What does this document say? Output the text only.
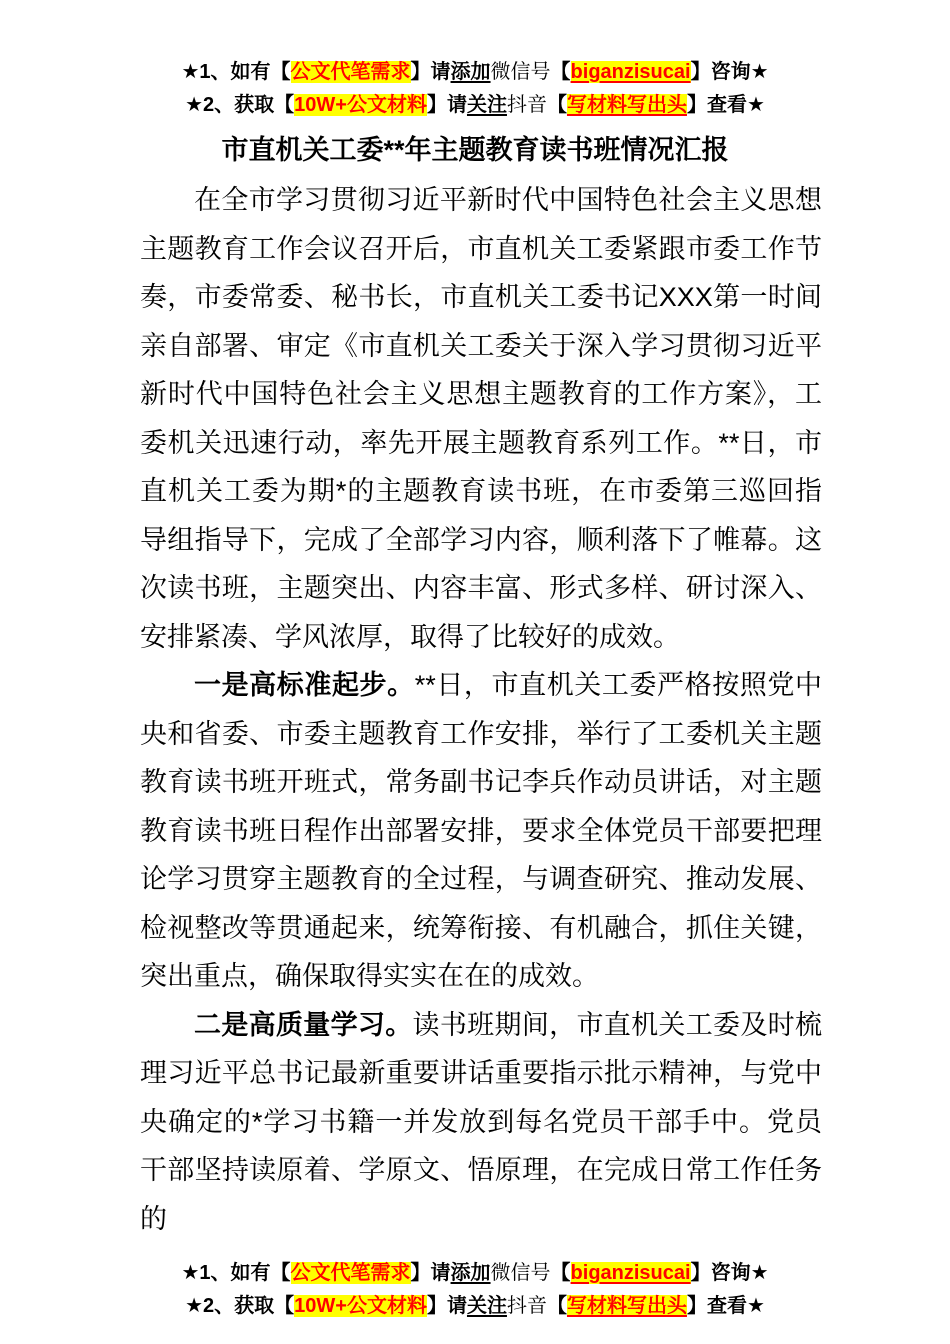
★1、如有【公文代笔需求】请添加微信号【biganzisucai】咨询★
★2、获取【10W+公文材料】请关注抖音【写材料写出头】查看★
市直机关工委**年主题教育读书班情况汇报

在全市学习贯彻习近平新时代中国特色社会主义思想主题教育工作会议召开后，市直机关工委紧跟市委工作节奏，市委常委、秘书长，市直机关工委书记XXX第一时间亲自部署、审定《市直机关工委关于深入学习贯彻习近平新时代中国特色社会主义思想主题教育的工作方案》，工委机关迅速行动，率先开展主题教育系列工作。**日，市直机关工委为期*的主题教育读书班，在市委第三巡回指导组指导下，完成了全部学习内容，顺利落下了帷幕。这次读书班，主题突出、内容丰富、形式多样、研讨深入、安排紧凑、学风浓厚，取得了比较好的成效。

一是高标准起步。**日，市直机关工委严格按照党中央和省委、市委主题教育工作安排，举行了工委机关主题教育读书班开班式，常务副书记李兵作动员讲话，对主题教育读书班日程作出部署安排，要求全体党员干部要把理论学习贯穿主题教育的全过程，与调查研究、推动发展、检视整改等贯通起来，统筹衔接、有机融合，抓住关键，突出重点，确保取得实实在在的成效。

二是高质量学习。读书班期间，市直机关工委及时梳理习近平总书记最新重要讲话重要指示批示精神，与党中央确定的*学习书籍一并发放到每名党员干部手中。党员干部坚持读原着、学原文、悟原理，在完成日常工作任务的

★1、如有【公文代笔需求】请添加微信号【biganzisucai】咨询★
★2、获取【10W+公文材料】请关注抖音【写材料写出头】查看★
